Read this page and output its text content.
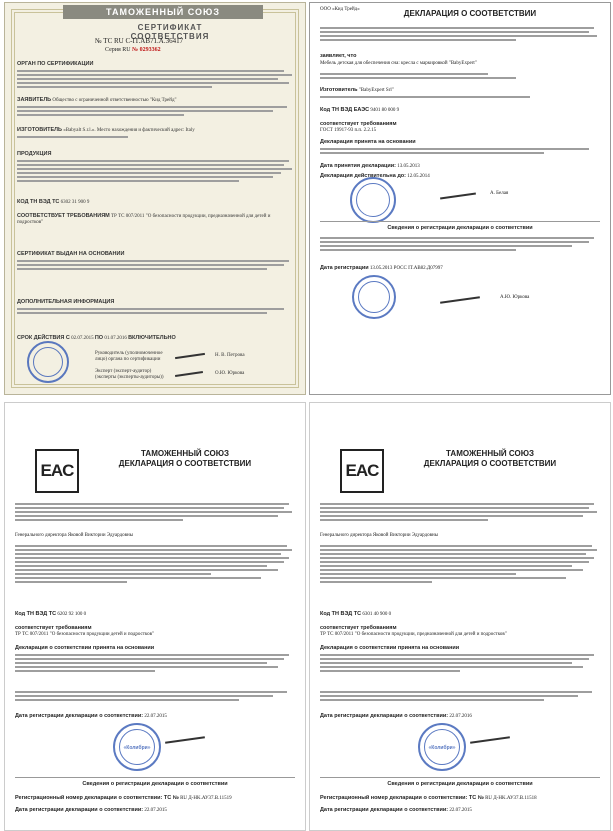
ТАМОЖЕННЫЙ СОЮЗ
СЕРТИФИКАТ СООТВЕТСТВИЯ
№ TC RU C-IT.АВ71.А.36417
Серия RU № 0293362
ОРГАН ПО СЕРТИФИКАЦИИ
ЗАЯВИТЕЛЬ Общество с ограниченной ответственностью "Кид Трейд"
ИЗГОТОВИТЕЛЬ «Babyalt S.r.l.». Место нахождения и фактический адрес: Italy
ПРОДУКЦИЯ
КОД ТН ВЭД ТС 6302 31 900 9
СООТВЕТСТВУЕТ ТРЕБОВАНИЯМ ТР ТС 007/2011 "О безопасности продукции, предназначенной для детей и подростков"
СЕРТИФИКАТ ВЫДАН НА ОСНОВАНИИ
ДОПОЛНИТЕЛЬНАЯ ИНФОРМАЦИЯ
СРОК ДЕЙСТВИЯ С 02.07.2015 ПО 01.07.2016 ВКЛЮЧИТЕЛЬНО
Руководитель (уполномоченное лицо) органа по сертификации
Н. В. Петрова
Эксперт (эксперт-аудитор) (эксперты (эксперты-аудиторы))
О.Ю. Юркова
ООО «Кид Трейд»	ДЕКЛАРАЦИЯ О СООТВЕТСТВИИ
заявляет, что
Мебель детская для обеспечения сна: кресла с маркировкой "BabyExpert"
Изготовитель "BabyExpert Srl"
Код ТН ВЭД ЕАЭС 9401 80 000 9
соответствует требованиям
ГОСТ 19917-93 п.п. 2.2.15
Декларация принята на основании
Дата принятия декларации: 13.05.2013
Декларация действительна до: 12.05.2014
А. Белая
Сведения о регистрации декларации о соответствии
Дата регистрации 13.05.2013 РОСС IT.АВ82.Д07997
А.Ю. Юркова
EAC
ТАМОЖЕННЫЙ СОЮЗ
ДЕКЛАРАЦИЯ О СООТВЕТСТВИИ
Генерального директора Яковой Виктории Эдуардовны
Код ТН ВЭД ТС 6202 92 100 0
соответствует требованиям
ТР ТС 007/2011 "О безопасности продукции детей и подростков"
Декларация о соответствии принята на основании
Дата регистрации декларации о соответствии: 22.07.2015
«Колибри»
Сведения о регистрации декларации о соответствии
Регистрационный номер декларации о соответствии: ТС № RU Д-HK.АУ37.В.11519
Дата регистрации декларации о соответствии: 22.07.2015
EAC
ТАМОЖЕННЫЙ СОЮЗ
ДЕКЛАРАЦИЯ О СООТВЕТСТВИИ
Генерального директора Яковой Виктории Эдуардовны
Код ТН ВЭД ТС 6301 40 900 0
соответствует требованиям
ТР ТС 007/2011 "О безопасности продукции, предназначенной для детей и подростков"
Декларация о соответствии принята на основании
Дата регистрации декларации о соответствии: 22.07.2016
«Колибри»
Сведения о регистрации декларации о соответствии
Регистрационный номер декларации о соответствии: ТС № RU Д-HK.АУ37.В.11518
Дата регистрации декларации о соответствии: 22.07.2015
